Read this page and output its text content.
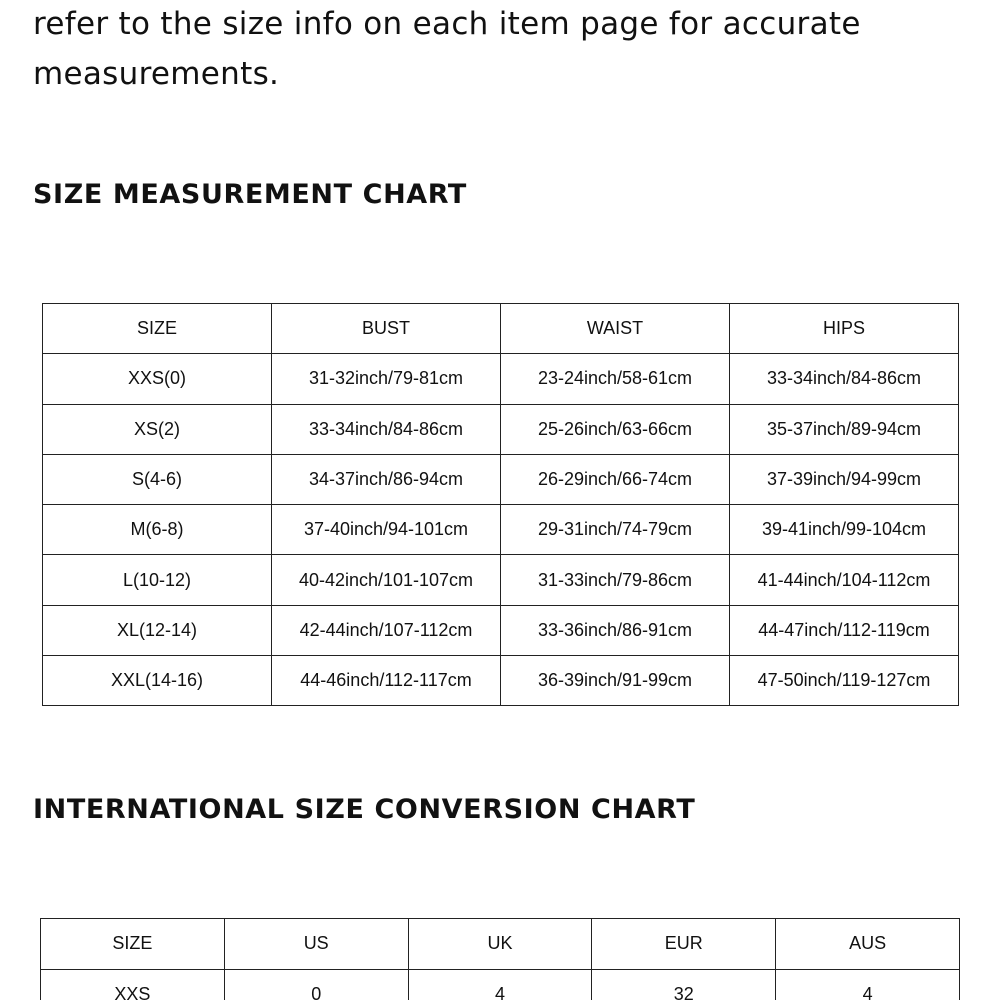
refer to the size info on each item page for accurate measurements.

SIZE MEASUREMENT CHART
SIZE	BUST	WAIST	HIPS
XXS(0)	31-32inch/79-81cm	23-24inch/58-61cm	33-34inch/84-86cm
XS(2)	33-34inch/84-86cm	25-26inch/63-66cm	35-37inch/89-94cm
S(4-6)	34-37inch/86-94cm	26-29inch/66-74cm	37-39inch/94-99cm
M(6-8)	37-40inch/94-101cm	29-31inch/74-79cm	39-41inch/99-104cm
L(10-12)	40-42inch/101-107cm	31-33inch/79-86cm	41-44inch/104-112cm
XL(12-14)	42-44inch/107-112cm	33-36inch/86-91cm	44-47inch/112-119cm
XXL(14-16)	44-46inch/112-117cm	36-39inch/91-99cm	47-50inch/119-127cm
INTERNATIONAL SIZE CONVERSION CHART
SIZE	US	UK	EUR	AUS
XXS	0	4	32	4
